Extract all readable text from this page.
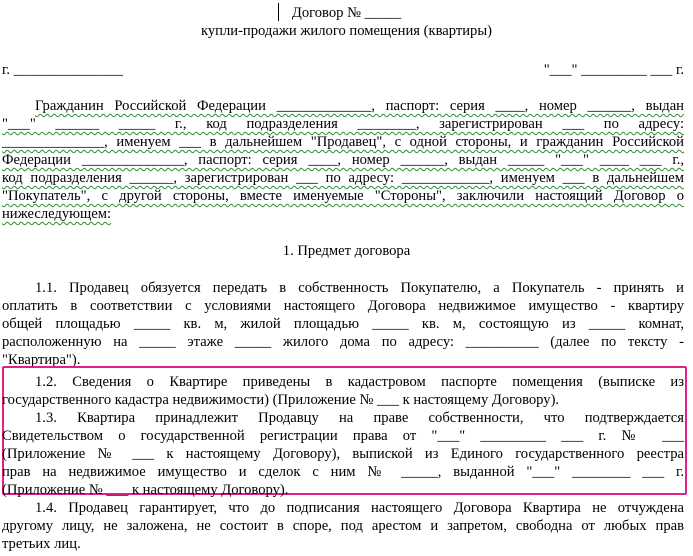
Договор № _____
купли-продажи жилого помещения (квартиры)
г. _______________	"___" _________ ___ г.
Гражданин Российской Федерации _____________, паспорт: серия ____, номер ______, выдан
"___" ______ _____ г., код подразделения ________, зарегистрирован ___ по адресу:
______________, именуем ___ в дальнейшем "Продавец", с одной стороны, и гражданин Российской
Федерации ______________, паспорт: серия ____, номер ______, выдан _____ "___" ____ ___ г.,
код подразделения ______, зарегистрирован ___ по адресу: ____________, именуем ___ в дальнейшем
"Покупатель", с другой стороны, вместе именуемые "Стороны", заключили настоящий Договор о
нижеследующем:
1. Предмет договора
1.1. Продавец обязуется передать в собственность Покупателю, а Покупатель - принять и
оплатить в соответствии с условиями настоящего Договора недвижимое имущество - квартиру
общей площадью _____ кв. м, жилой площадью _____ кв. м, состоящую из _____ комнат,
расположенную на _____ этаже _____ жилого дома по адресу: __________ (далее по тексту -
"Квартира").
1.2. Сведения о Квартире приведены в кадастровом паспорте помещения (выписке из
государственного кадастра недвижимости) (Приложение № ___ к настоящему Договору).
1.3. Квартира принадлежит Продавцу на праве собственности, что подтверждается
Свидетельством о государственной регистрации права от "___" _________ ___ г. № ___
(Приложение № ___ к настоящему Договору), выпиской из Единого государственного реестра
прав на недвижимое имущество и сделок с ним № _____, выданной "___" ________ ___ г.
(Приложение № ___ к настоящему Договору).
1.4. Продавец гарантирует, что до подписания настоящего Договора Квартира не отчуждена
другому лицу, не заложена, не состоит в споре, под арестом и запретом, свободна от любых прав
третьих лиц.
